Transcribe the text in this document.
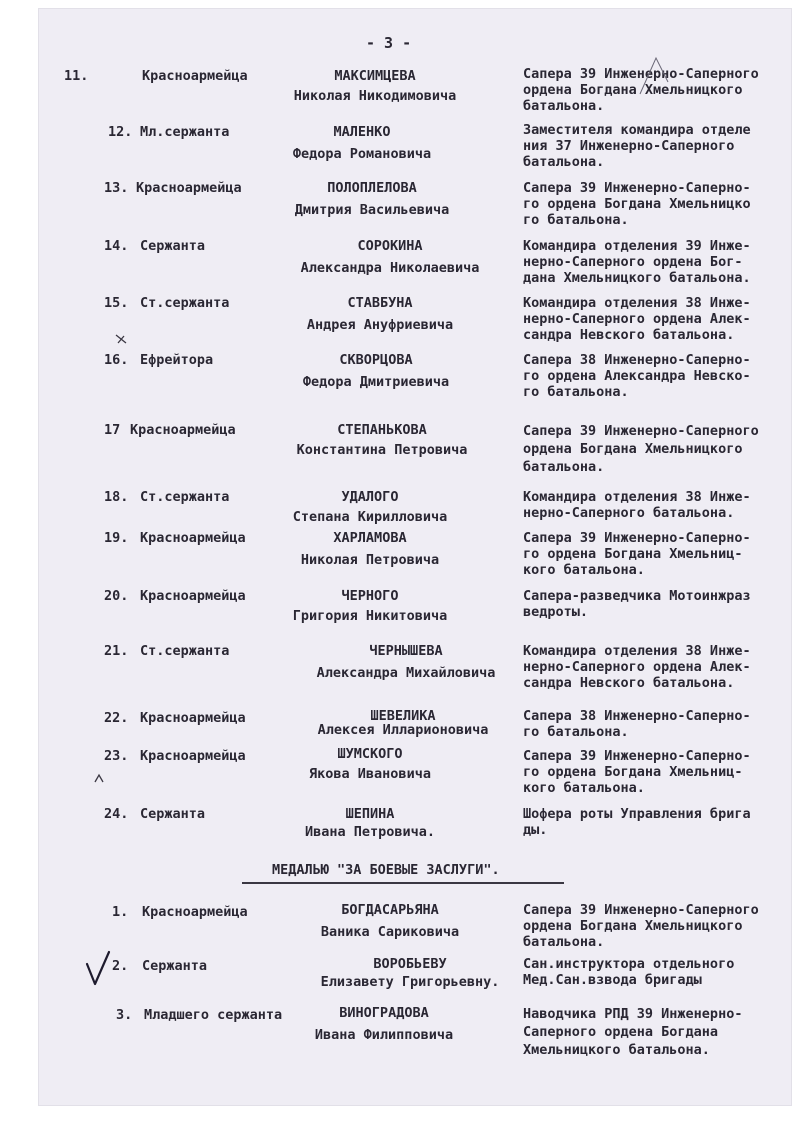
- 3 -
11.	Красноармейца	МАКСИМЦЕВА
Николая Никодимовича
Сапера 39 Инженерно-Саперного
ордена Богдана Хмельницкого
батальона.
12. Мл.сержанта	МАЛЕНКО
Федора Романовича
Заместителя командира отделе
ния 37 Инженерно-Саперного
батальона.
13. Красноармейца	ПОЛОПЛЕЛОВА
Дмитрия Васильевича
Сапера 39 Инженерно-Саперно-
го ордена Богдана Хмельницко
го батальона.
14. Сержанта	СОРОКИНА
Александра Николаевича
Командира отделения 39 Инже-
нерно-Саперного ордена Бог-
дана Хмельницкого батальона.
15. Ст.сержанта	СТАВБУНА
Андрея Ануфриевича
Командира отделения 38 Инже-
нерно-Саперного ордена Алек-
сандра Невского батальона.
16. Ефрейтора	СКВОРЦОВА
Федора Дмитриевича
Сапера 38 Инженерно-Саперно-
го ордена Александра Невско-
го батальона.
17 Красноармейца	СТЕПАНЬКОВА
Константина Петровича
Сапера 39 Инженерно-Саперного
ордена Богдана Хмельницкого
батальона.
18. Ст.сержанта	УДАЛОГО
Степана Кирилловича
Командира отделения 38 Инже-
нерно-Саперного батальона.
19. Красноармейца	ХАРЛАМОВА
Николая Петровича
Сапера 39 Инженерно-Саперно-
го ордена Богдана Хмельниц-
кого батальона.
20. Красноармейца	ЧЕРНОГО
Григория Никитовича
Сапера-разведчика Мотоинжраз
ведроты.
21. Ст.сержанта	ЧЕРНЫШЕВА
Александра Михайловича
Командира отделения 38 Инже-
нерно-Саперного ордена Алек-
сандра Невского батальона.
22. Красноармейца	ШЕВЕЛИКА
Алексея Илларионовича
Сапера 38 Инженерно-Саперно-
го батальона.
23. Красноармейца	ШУМСКОГО
Якова Ивановича
Сапера 39 Инженерно-Саперно-
го ордена Богдана Хмельниц-
кого батальона.
24. Сержанта	ШЕПИНА
Ивана Петровича.
Шофера роты Управления брига
ды.
МЕДАЛЬЮ "ЗА БОЕВЫЕ ЗАСЛУГИ".
1. Красноармейца	БОГДАСАРЬЯНА
Ваника Сариковича
Сапера 39 Инженерно-Саперного
ордена Богдана Хмельницкого
батальона.
2. Сержанта	ВОРОБЬЕВУ
Елизавету Григорьевну.
Сан.инструктора отдельного
Мед.Сан.взвода бригады
3. Младшего сержанта	ВИНОГРАДОВА
Ивана Филипповича
Наводчика РПД 39 Инженерно-
Саперного ордена Богдана
Хмельницкого батальона.
